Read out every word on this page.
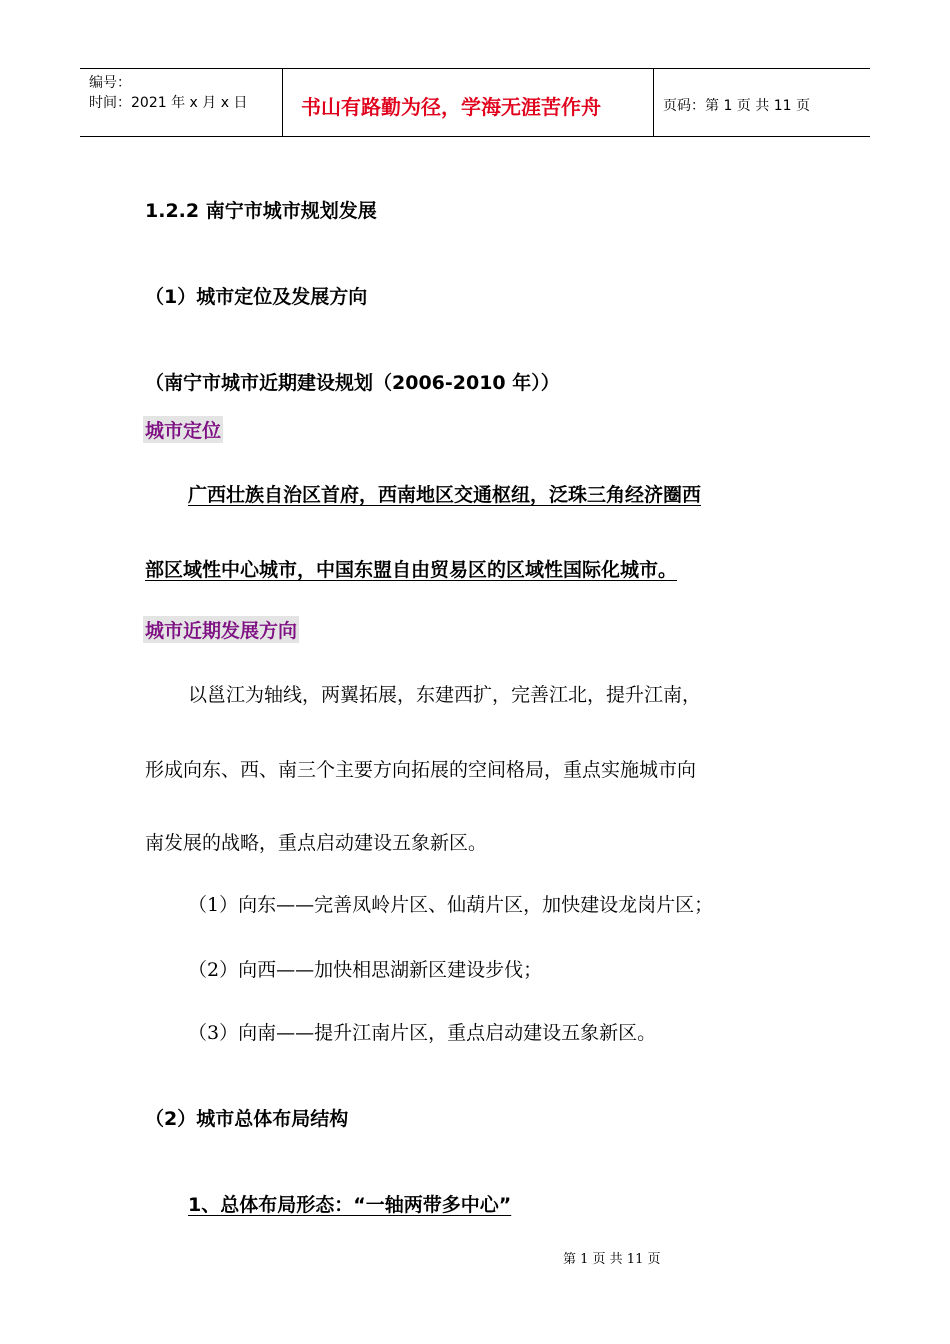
编号：
时间：2021 年 x 月 x 日	书山有路勤为径，学海无涯苦作舟	页码：第 1 页 共 11 页
1.2.2 南宁市城市规划发展
（1）城市定位及发展方向
（南宁市城市近期建设规划（2006-2010 年））
城市定位
广西壮族自治区首府，西南地区交通枢纽，泛珠三角经济圈西
部区域性中心城市，中国东盟自由贸易区的区域性国际化城市。
城市近期发展方向
以邕江为轴线，两翼拓展，东建西扩，完善江北，提升江南，
形成向东、西、南三个主要方向拓展的空间格局，重点实施城市向
南发展的战略，重点启动建设五象新区。
（1）向东——完善凤岭片区、仙葫片区，加快建设龙岗片区；
（2）向西——加快相思湖新区建设步伐；
（3）向南——提升江南片区，重点启动建设五象新区。
（2）城市总体布局结构
1、总体布局形态：“一轴两带多中心”
第 1 页 共 11 页
